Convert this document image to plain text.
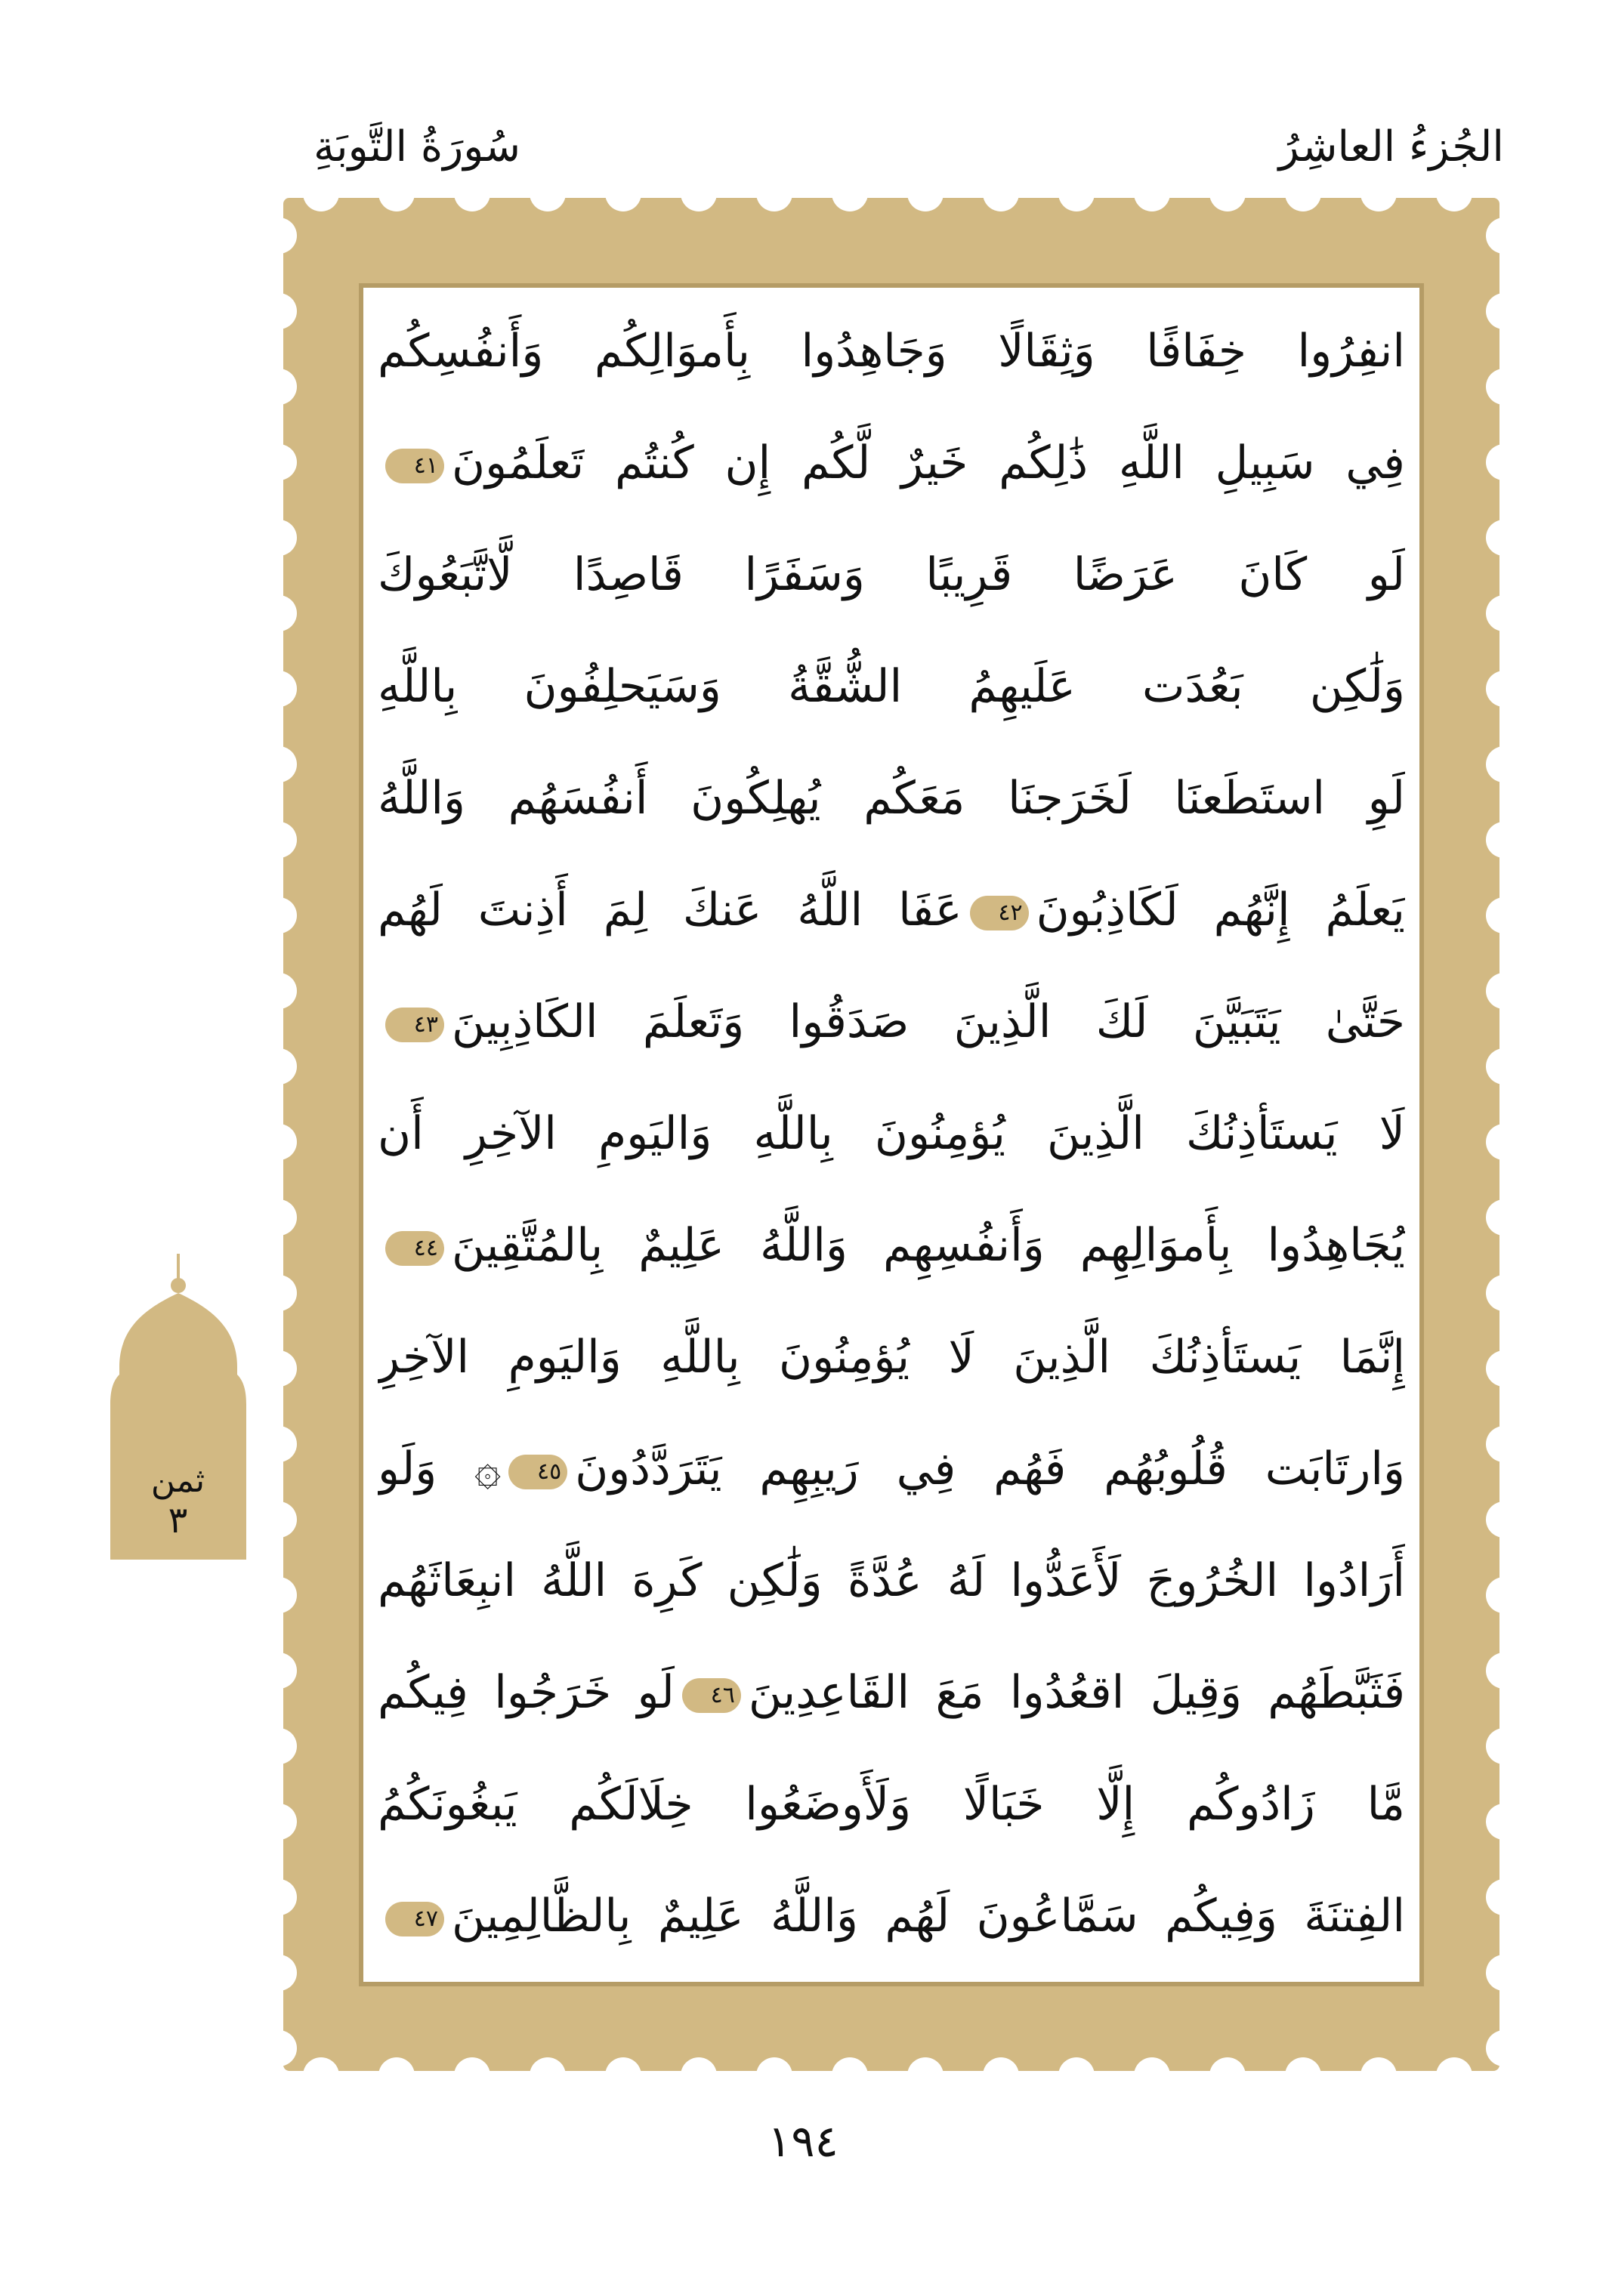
الجُزءُ العاشِرُ
سُورَةُ التَّوبَةِ
انفِرُوا خِفَافًا وَثِقَالًا وَجَاهِدُوا بِأَموَالِكُم وَأَنفُسِكُم
فِي سَبِيلِ اللَّهِ ذَٰلِكُم خَيرٌ لَّكُم إِن كُنتُم تَعلَمُونَ٤١
لَو كَانَ عَرَضًا قَرِيبًا وَسَفَرًا قَاصِدًا لَّاتَّبَعُوكَ
وَلَٰكِن بَعُدَت عَلَيهِمُ الشُّقَّةُ وَسَيَحلِفُونَ بِاللَّهِ
لَوِ استَطَعنَا لَخَرَجنَا مَعَكُم يُهلِكُونَ أَنفُسَهُم وَاللَّهُ
يَعلَمُ إِنَّهُم لَكَاذِبُونَ٤٢عَفَا اللَّهُ عَنكَ لِمَ أَذِنتَ لَهُم
حَتَّىٰ يَتَبَيَّنَ لَكَ الَّذِينَ صَدَقُوا وَتَعلَمَ الكَاذِبِينَ٤٣
لَا يَستَأذِنُكَ الَّذِينَ يُؤمِنُونَ بِاللَّهِ وَاليَومِ الآخِرِ أَن
يُجَاهِدُوا بِأَموَالِهِم وَأَنفُسِهِم وَاللَّهُ عَلِيمٌ بِالمُتَّقِينَ٤٤
إِنَّمَا يَستَأذِنُكَ الَّذِينَ لَا يُؤمِنُونَ بِاللَّهِ وَاليَومِ الآخِرِ
وَارتَابَت قُلُوبُهُم فَهُم فِي رَيبِهِم يَتَرَدَّدُونَ٤٥۞ وَلَو
أَرَادُوا الخُرُوجَ لَأَعَدُّوا لَهُ عُدَّةً وَلَٰكِن كَرِهَ اللَّهُ انبِعَاثَهُم
فَثَبَّطَهُم وَقِيلَ اقعُدُوا مَعَ القَاعِدِينَ٤٦لَو خَرَجُوا فِيكُم
مَّا زَادُوكُم إِلَّا خَبَالًا وَلَأَوضَعُوا خِلَالَكُم يَبغُونَكُمُ
الفِتنَةَ وَفِيكُم سَمَّاعُونَ لَهُم وَاللَّهُ عَلِيمٌ بِالظَّالِمِينَ٤٧
ثمن
٣
١٩٤
